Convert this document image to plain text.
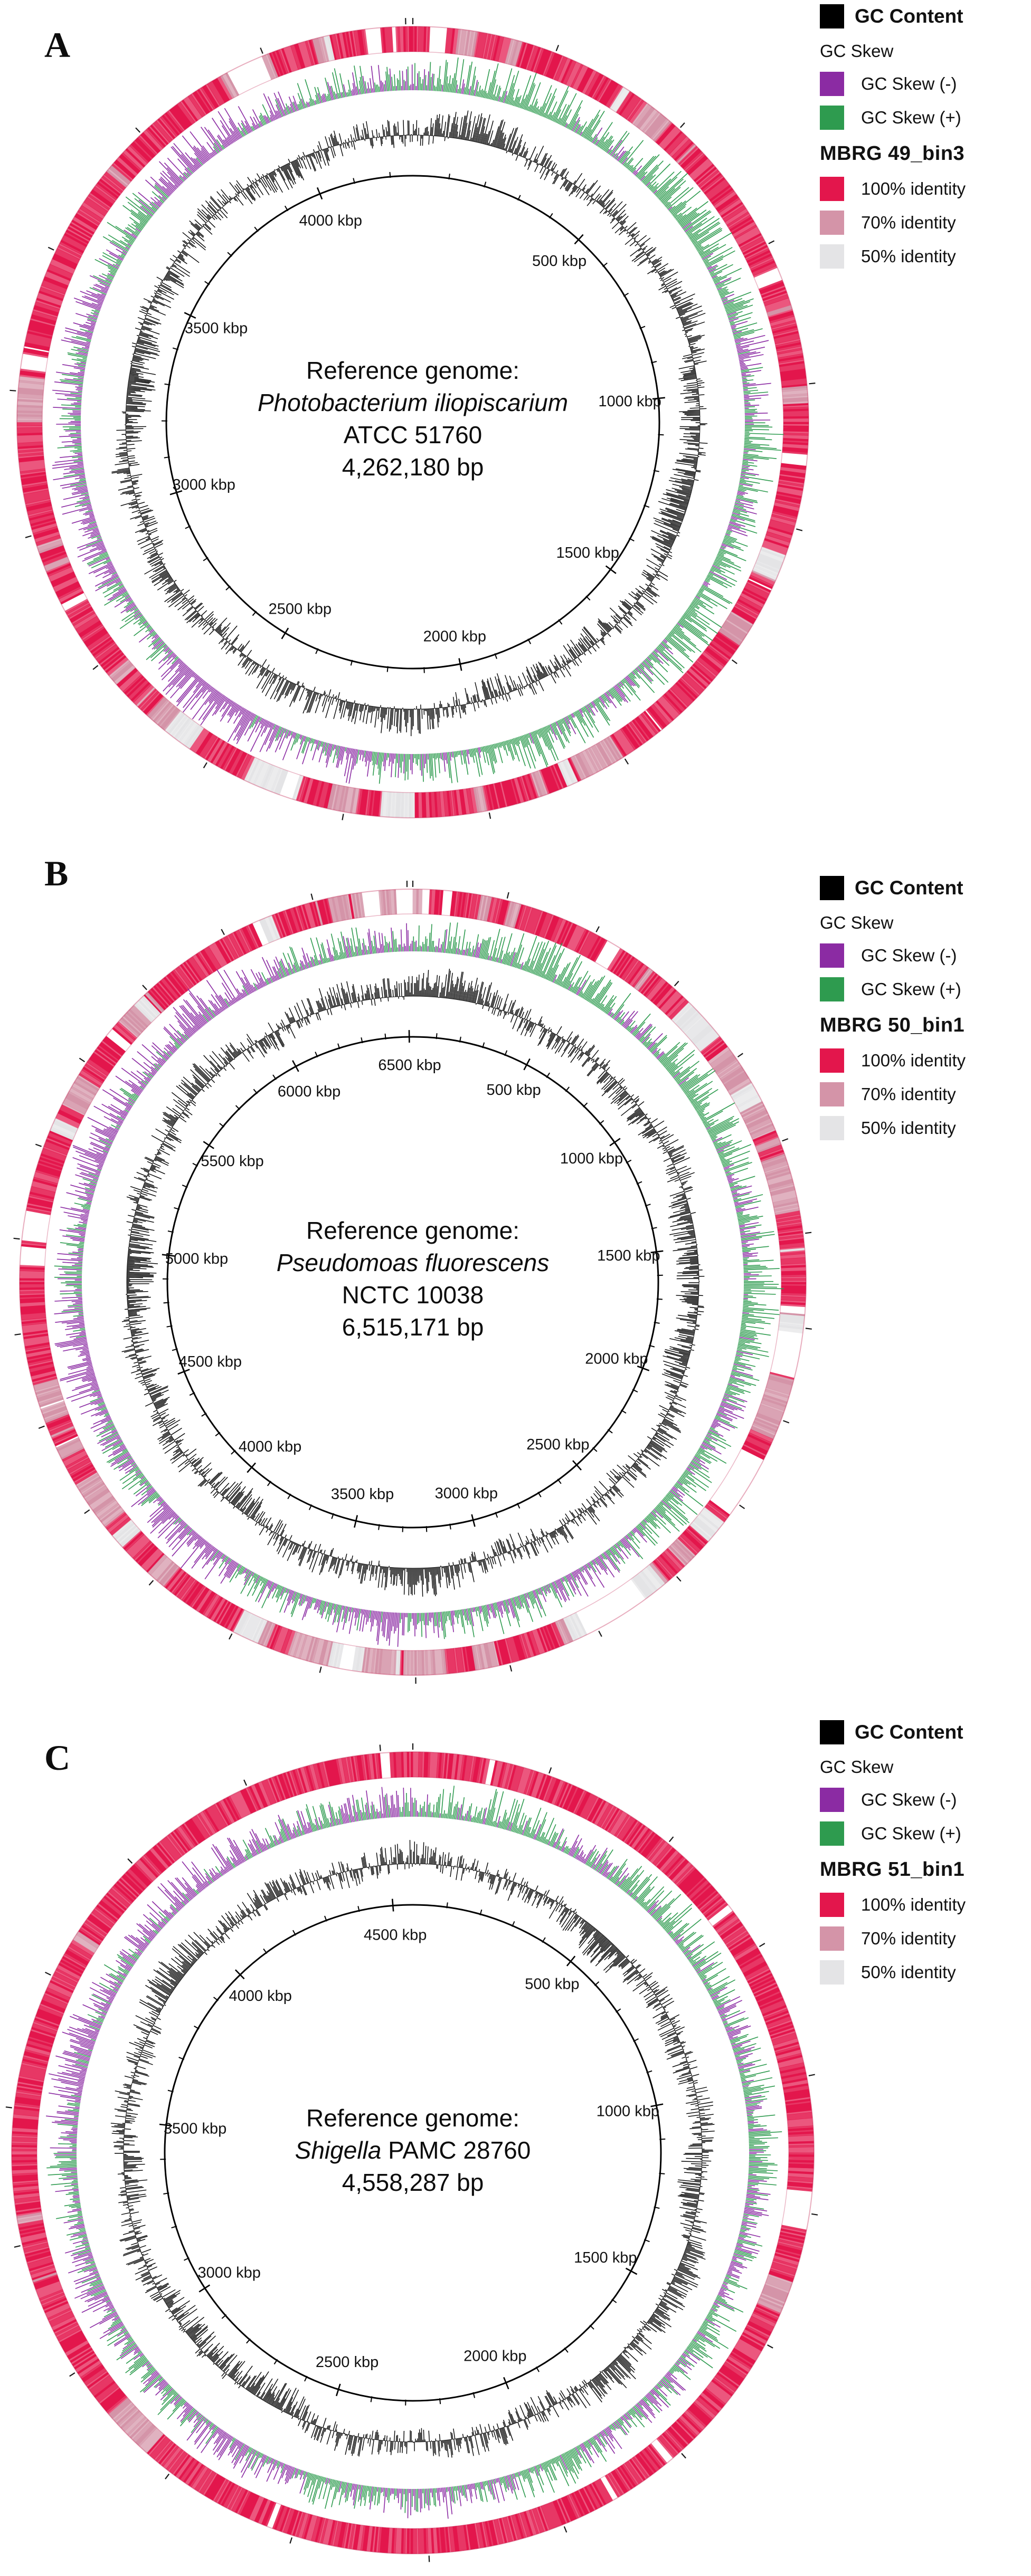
500 kbp
1000 kbp
1500 kbp
2000 kbp
2500 kbp
3000 kbp
3500 kbp
4000 kbp
A
Reference genome:
Photobacterium iliopiscarium
ATCC 51760
4,262,180 bp
GC Content
GC Skew
GC Skew (-)
GC Skew (+)
MBRG 49_bin3
100% identity
70% identity
50% identity
500 kbp
1000 kbp
1500 kbp
2000 kbp
2500 kbp
3000 kbp
3500 kbp
4000 kbp
4500 kbp
5000 kbp
5500 kbp
6000 kbp
6500 kbp
B
Reference genome:
Pseudomoas fluorescens
NCTC 10038
6,515,171 bp
GC Content
GC Skew
GC Skew (-)
GC Skew (+)
MBRG 50_bin1
100% identity
70% identity
50% identity
500 kbp
1000 kbp
1500 kbp
2000 kbp
2500 kbp
3000 kbp
3500 kbp
4000 kbp
4500 kbp
C
Reference genome:
Shigella PAMC 28760
4,558,287 bp
GC Content
GC Skew
GC Skew (-)
GC Skew (+)
MBRG 51_bin1
100% identity
70% identity
50% identity
